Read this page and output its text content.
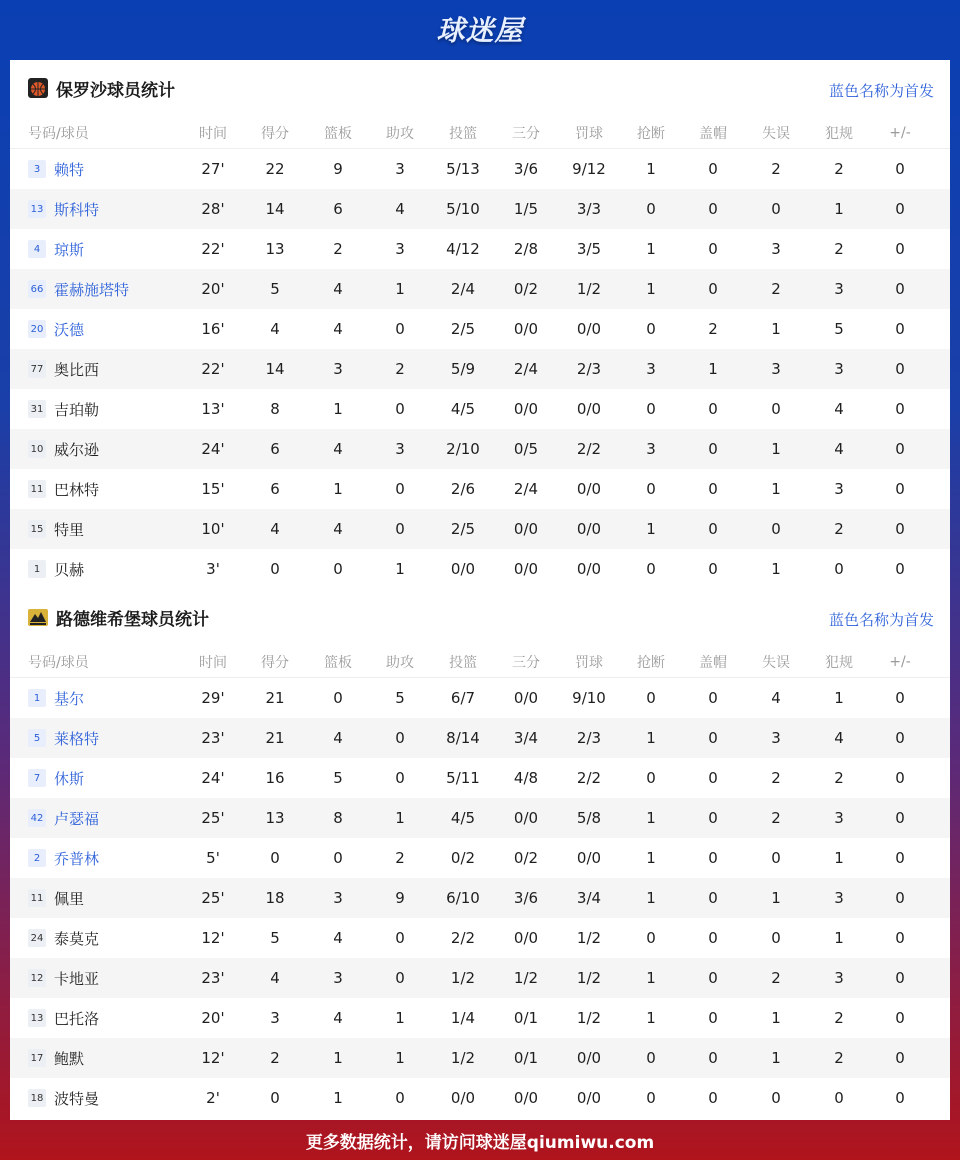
球迷屋
保罗沙球员统计	蓝色名称为首发
号码/球员	时间	得分	篮板	助攻	投篮	三分	罚球	抢断	盖帽	失误	犯规	+/-
3 赖特	27'	22	9	3	5/13	3/6	9/12	1	0	2	2	0
13 斯科特	28'	14	6	4	5/10	1/5	3/3	0	0	0	1	0
4 琼斯	22'	13	2	3	4/12	2/8	3/5	1	0	3	2	0
66 霍赫施塔特	20'	5	4	1	2/4	0/2	1/2	1	0	2	3	0
20 沃德	16'	4	4	0	2/5	0/0	0/0	0	2	1	5	0
77 奥比西	22'	14	3	2	5/9	2/4	2/3	3	1	3	3	0
31 吉珀勒	13'	8	1	0	4/5	0/0	0/0	0	0	0	4	0
10 威尔逊	24'	6	4	3	2/10	0/5	2/2	3	0	1	4	0
11 巴林特	15'	6	1	0	2/6	2/4	0/0	0	0	1	3	0
15 特里	10'	4	4	0	2/5	0/0	0/0	1	0	0	2	0
1 贝赫	3'	0	0	1	0/0	0/0	0/0	0	0	1	0	0
路德维希堡球员统计	蓝色名称为首发
号码/球员	时间	得分	篮板	助攻	投篮	三分	罚球	抢断	盖帽	失误	犯规	+/-
1 基尔	29'	21	0	5	6/7	0/0	9/10	0	0	4	1	0
5 莱格特	23'	21	4	0	8/14	3/4	2/3	1	0	3	4	0
7 休斯	24'	16	5	0	5/11	4/8	2/2	0	0	2	2	0
42 卢瑟福	25'	13	8	1	4/5	0/0	5/8	1	0	2	3	0
2 乔普林	5'	0	0	2	0/2	0/2	0/0	1	0	0	1	0
11 佩里	25'	18	3	9	6/10	3/6	3/4	1	0	1	3	0
24 泰莫克	12'	5	4	0	2/2	0/0	1/2	0	0	0	1	0
12 卡地亚	23'	4	3	0	1/2	1/2	1/2	1	0	2	3	0
13 巴托洛	20'	3	4	1	1/4	0/1	1/2	1	0	1	2	0
17 鲍默	12'	2	1	1	1/2	0/1	0/0	0	0	1	2	0
18 波特曼	2'	0	1	0	0/0	0/0	0/0	0	0	0	0	0
更多数据统计，请访问球迷屋qiumiwu.com
